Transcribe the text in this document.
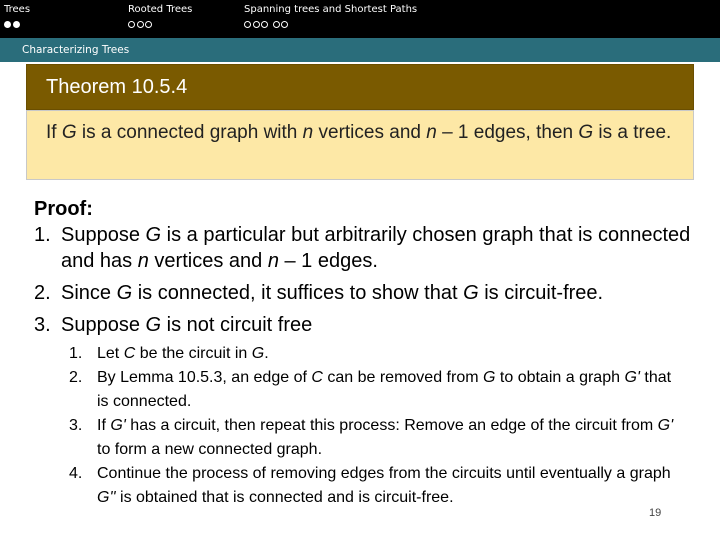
Trees	Rooted Trees	Spanning trees and Shortest Paths
Characterizing Trees
Theorem 10.5.4
If G is a connected graph with n vertices and n – 1 edges, then G is a tree.
Proof:
1. Suppose G is a particular but arbitrarily chosen graph that is connected and has n vertices and n – 1 edges.
2. Since G is connected, it suffices to show that G is circuit-free.
3. Suppose G is not circuit free
1. Let C be the circuit in G.
2. By Lemma 10.5.3, an edge of C can be removed from G to obtain a graph G' that is connected.
3. If G' has a circuit, then repeat this process: Remove an edge of the circuit from G' to form a new connected graph.
4. Continue the process of removing edges from the circuits until eventually a graph G'' is obtained that is connected and is circuit-free.
19
